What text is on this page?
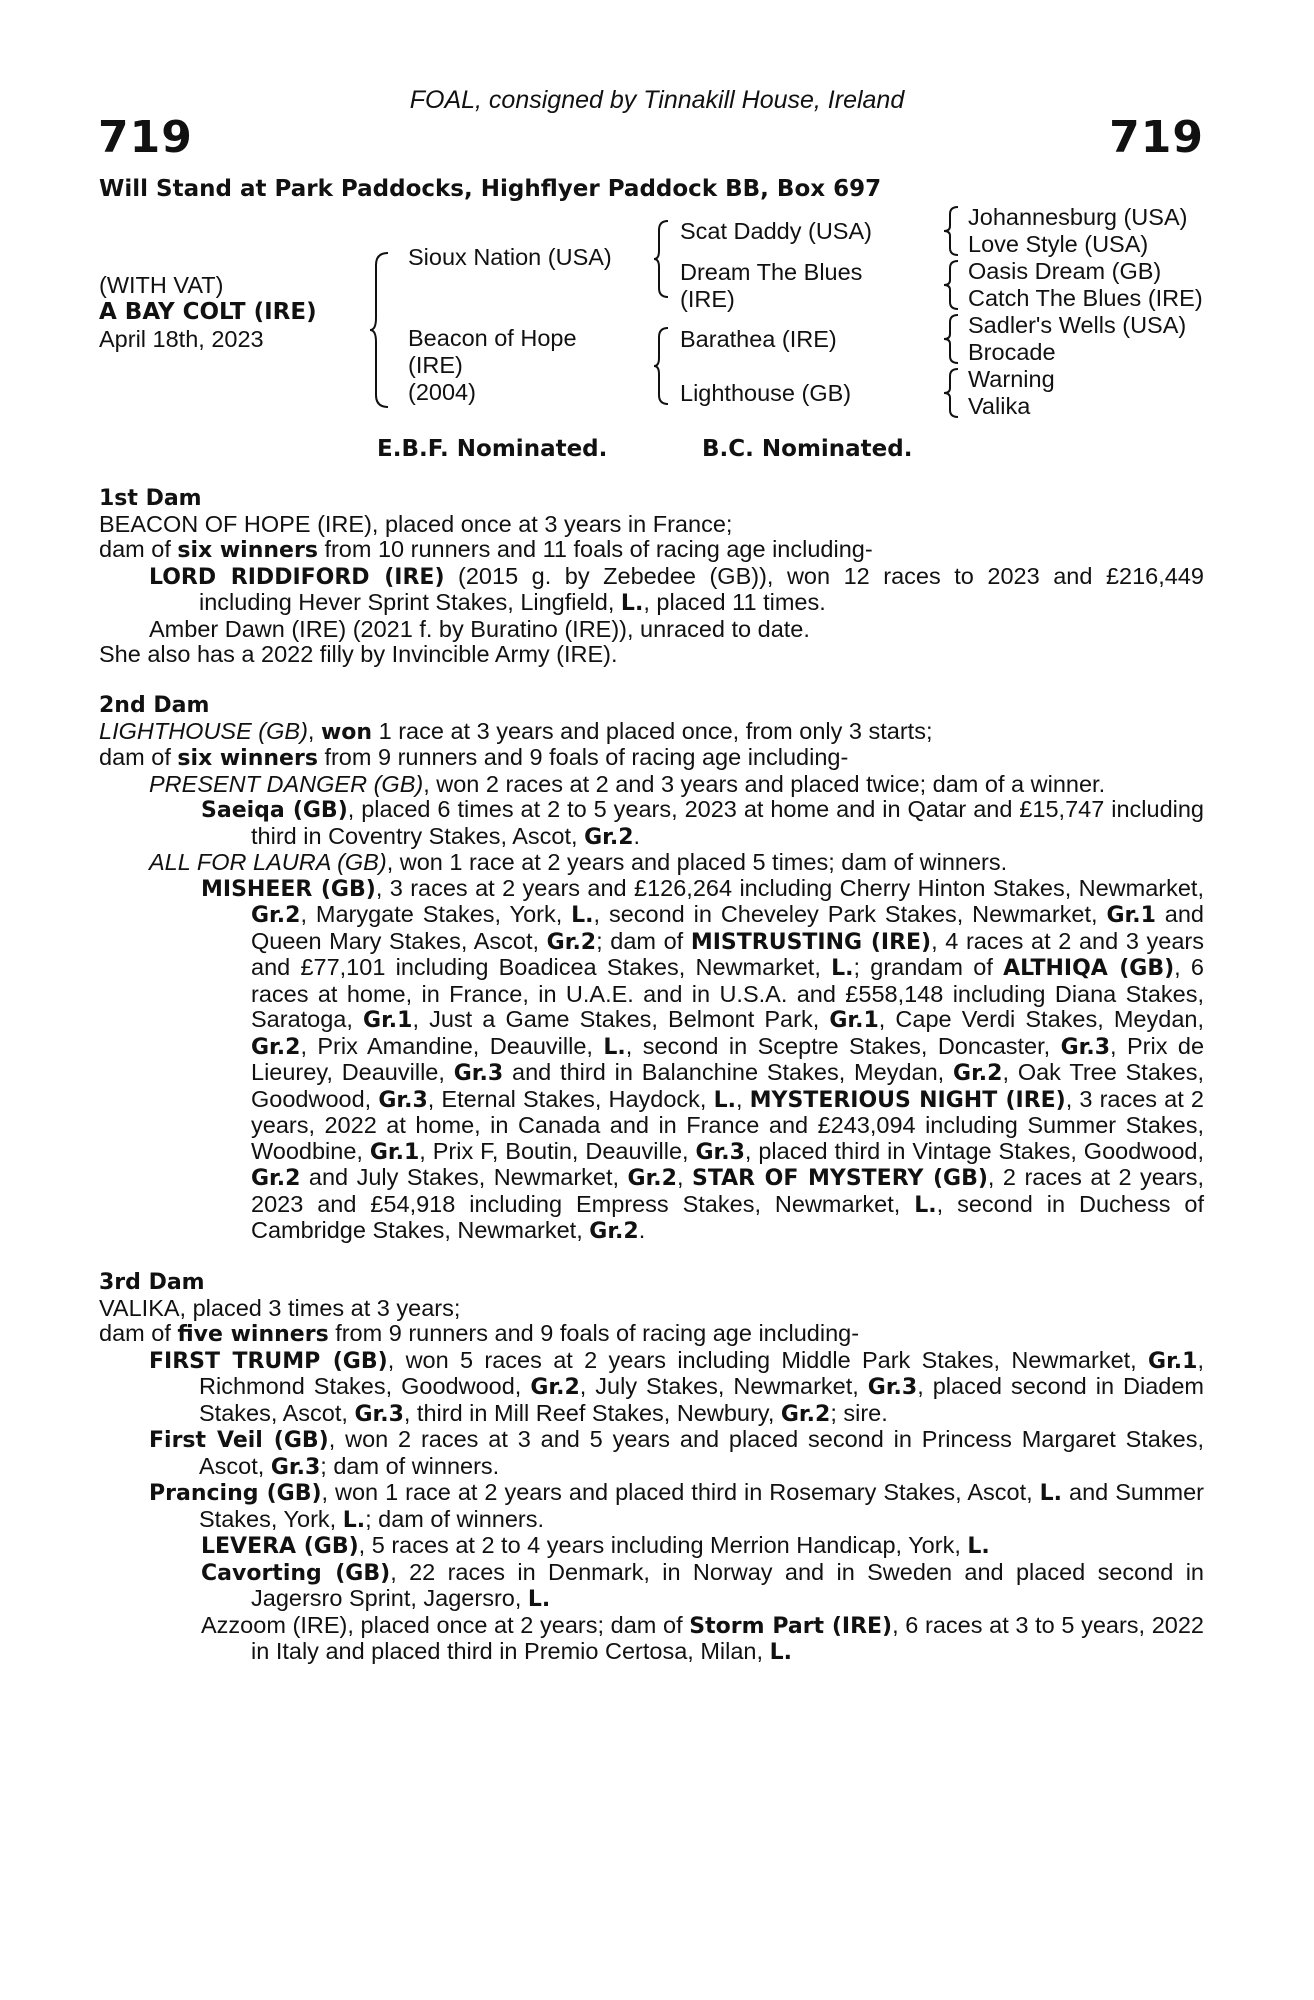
FOAL, consigned by Tinnakill House, Ireland
719	719
Will Stand at Park Paddocks, Highflyer Paddock BB, Box 697
(WITH VAT)
A BAY COLT (IRE)
April 18th, 2023
Sioux Nation (USA)
Beacon of Hope
(IRE)
(2004)
Scat Daddy (USA)
Dream The Blues
(IRE)
Barathea (IRE)
Lighthouse (GB)
Johannesburg (USA)
Love Style (USA)
Oasis Dream (GB)
Catch The Blues (IRE)
Sadler's Wells (USA)
Brocade
Warning
Valika
E.B.F. Nominated.	B.C. Nominated.
1st Dam
BEACON OF HOPE (IRE), placed once at 3 years in France;
dam of six winners from 10 runners and 11 foals of racing age including-
LORD RIDDIFORD (IRE) (2015 g. by Zebedee (GB)), won 12 races to 2023 and £216,449 including Hever Sprint Stakes, Lingfield, L., placed 11 times.
Amber Dawn (IRE) (2021 f. by Buratino (IRE)), unraced to date.
She also has a 2022 filly by Invincible Army (IRE).
2nd Dam
LIGHTHOUSE (GB), won 1 race at 3 years and placed once, from only 3 starts;
dam of six winners from 9 runners and 9 foals of racing age including-
PRESENT DANGER (GB), won 2 races at 2 and 3 years and placed twice; dam of a winner.
Saeiqa (GB), placed 6 times at 2 to 5 years, 2023 at home and in Qatar and £15,747 including third in Coventry Stakes, Ascot, Gr.2.
ALL FOR LAURA (GB), won 1 race at 2 years and placed 5 times; dam of winners.
MISHEER (GB), 3 races at 2 years and £126,264 including Cherry Hinton Stakes, Newmarket, Gr.2, Marygate Stakes, York, L., second in Cheveley Park Stakes, Newmarket, Gr.1 and Queen Mary Stakes, Ascot, Gr.2; dam of MISTRUSTING (IRE), 4 races at 2 and 3 years and £77,101 including Boadicea Stakes, Newmarket, L.; grandam of ALTHIQA (GB), 6 races at home, in France, in U.A.E. and in U.S.A. and £558,148 including Diana Stakes, Saratoga, Gr.1, Just a Game Stakes, Belmont Park, Gr.1, Cape Verdi Stakes, Meydan, Gr.2, Prix Amandine, Deauville, L., second in Sceptre Stakes, Doncaster, Gr.3, Prix de Lieurey, Deauville, Gr.3 and third in Balanchine Stakes, Meydan, Gr.2, Oak Tree Stakes, Goodwood, Gr.3, Eternal Stakes, Haydock, L., MYSTERIOUS NIGHT (IRE), 3 races at 2 years, 2022 at home, in Canada and in France and £243,094 including Summer Stakes, Woodbine, Gr.1, Prix F, Boutin, Deauville, Gr.3, placed third in Vintage Stakes, Goodwood, Gr.2 and July Stakes, Newmarket, Gr.2, STAR OF MYSTERY (GB), 2 races at 2 years, 2023 and £54,918 including Empress Stakes, Newmarket, L., second in Duchess of Cambridge Stakes, Newmarket, Gr.2.
3rd Dam
VALIKA, placed 3 times at 3 years;
dam of five winners from 9 runners and 9 foals of racing age including-
FIRST TRUMP (GB), won 5 races at 2 years including Middle Park Stakes, Newmarket, Gr.1, Richmond Stakes, Goodwood, Gr.2, July Stakes, Newmarket, Gr.3, placed second in Diadem Stakes, Ascot, Gr.3, third in Mill Reef Stakes, Newbury, Gr.2; sire.
First Veil (GB), won 2 races at 3 and 5 years and placed second in Princess Margaret Stakes, Ascot, Gr.3; dam of winners.
Prancing (GB), won 1 race at 2 years and placed third in Rosemary Stakes, Ascot, L. and Summer Stakes, York, L.; dam of winners.
LEVERA (GB), 5 races at 2 to 4 years including Merrion Handicap, York, L.
Cavorting (GB), 22 races in Denmark, in Norway and in Sweden and placed second in Jagersro Sprint, Jagersro, L.
Azzoom (IRE), placed once at 2 years; dam of Storm Part (IRE), 6 races at 3 to 5 years, 2022 in Italy and placed third in Premio Certosa, Milan, L.
